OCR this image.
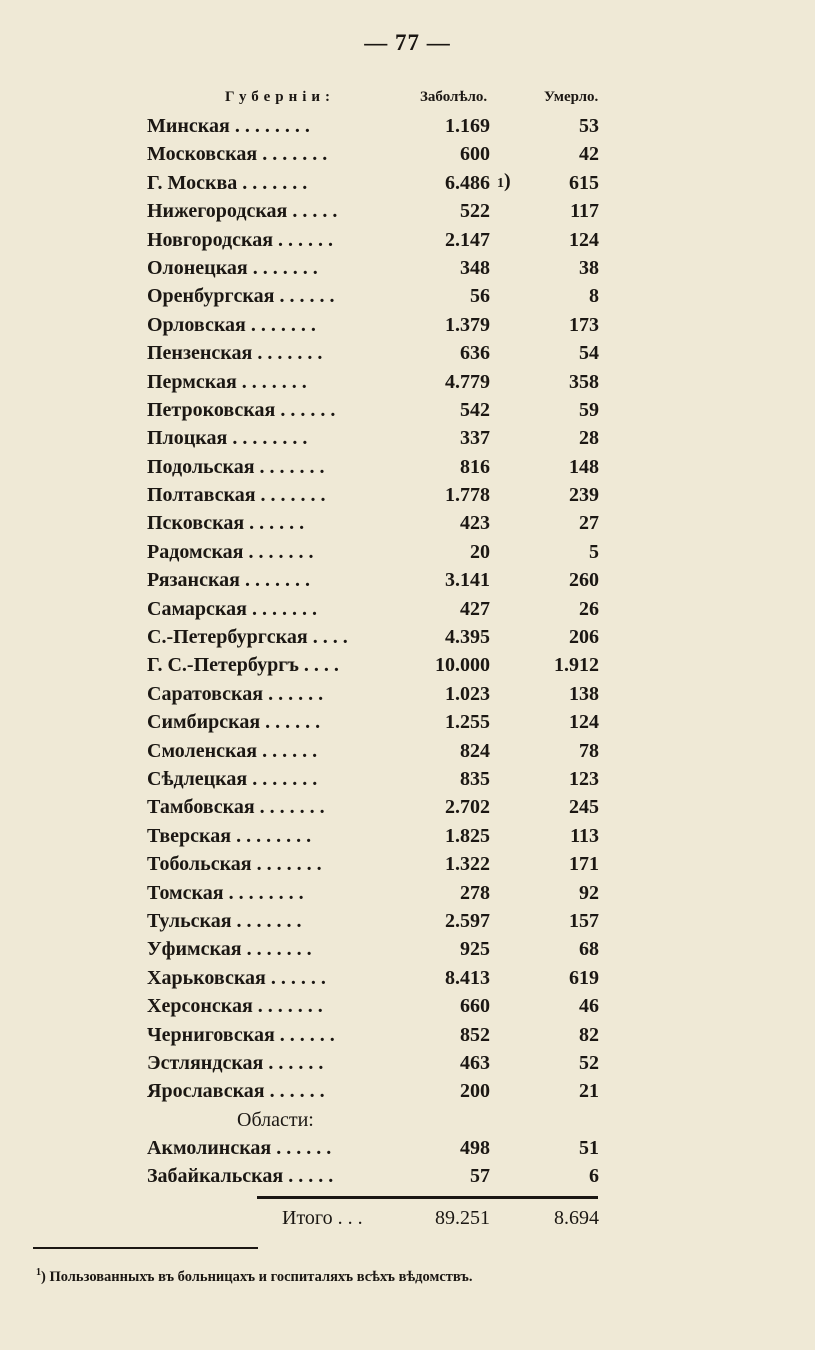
— 77 —
Губерніи:	Заболѣло.	Умерло.
Минская . . . . . . . .	1.169	53
Московская . . . . . . .	600	42
Г. Москва . . . . . . .	6.486 1)	615
Нижегородская . . . . .	522	117
Новгородская . . . . . .	2.147	124
Олонецкая . . . . . . .	348	38
Оренбургская . . . . . .	56	8
Орловская . . . . . . .	1.379	173
Пензенская . . . . . . .	636	54
Пермская . . . . . . .	4.779	358
Петроковская . . . . . .	542	59
Плоцкая . . . . . . . .	337	28
Подольская . . . . . . .	816	148
Полтавская . . . . . . .	1.778	239
Псковская . . . . . .	423	27
Радомская . . . . . . .	20	5
Рязанская . . . . . . .	3.141	260
Самарская . . . . . . .	427	26
С.-Петербургская . . . .	4.395	206
Г. С.-Петербургъ . . . .	10.000	1.912
Саратовская . . . . . .	1.023	138
Симбирская . . . . . .	1.255	124
Смоленская . . . . . .	824	78
Сѣдлецкая . . . . . . .	835	123
Тамбовская . . . . . . .	2.702	245
Тверская . . . . . . . .	1.825	113
Тобольская . . . . . . .	1.322	171
Томская . . . . . . . .	278	92
Тульская . . . . . . .	2.597	157
Уфимская . . . . . . .	925	68
Харьковская . . . . . .	8.413	619
Херсонская . . . . . . .	660	46
Черниговская . . . . . .	852	82
Эстляндская . . . . . .	463	52
Ярославская . . . . . .	200	21
Области:
Акмолинская . . . . . .	498	51
Забайкальская . . . . .	57	6
Итого . . .	89.251	8.694
$^1$) Пользованныхъ въ больницахъ и госпиталяхъ всѣхъ вѣдомствъ.
